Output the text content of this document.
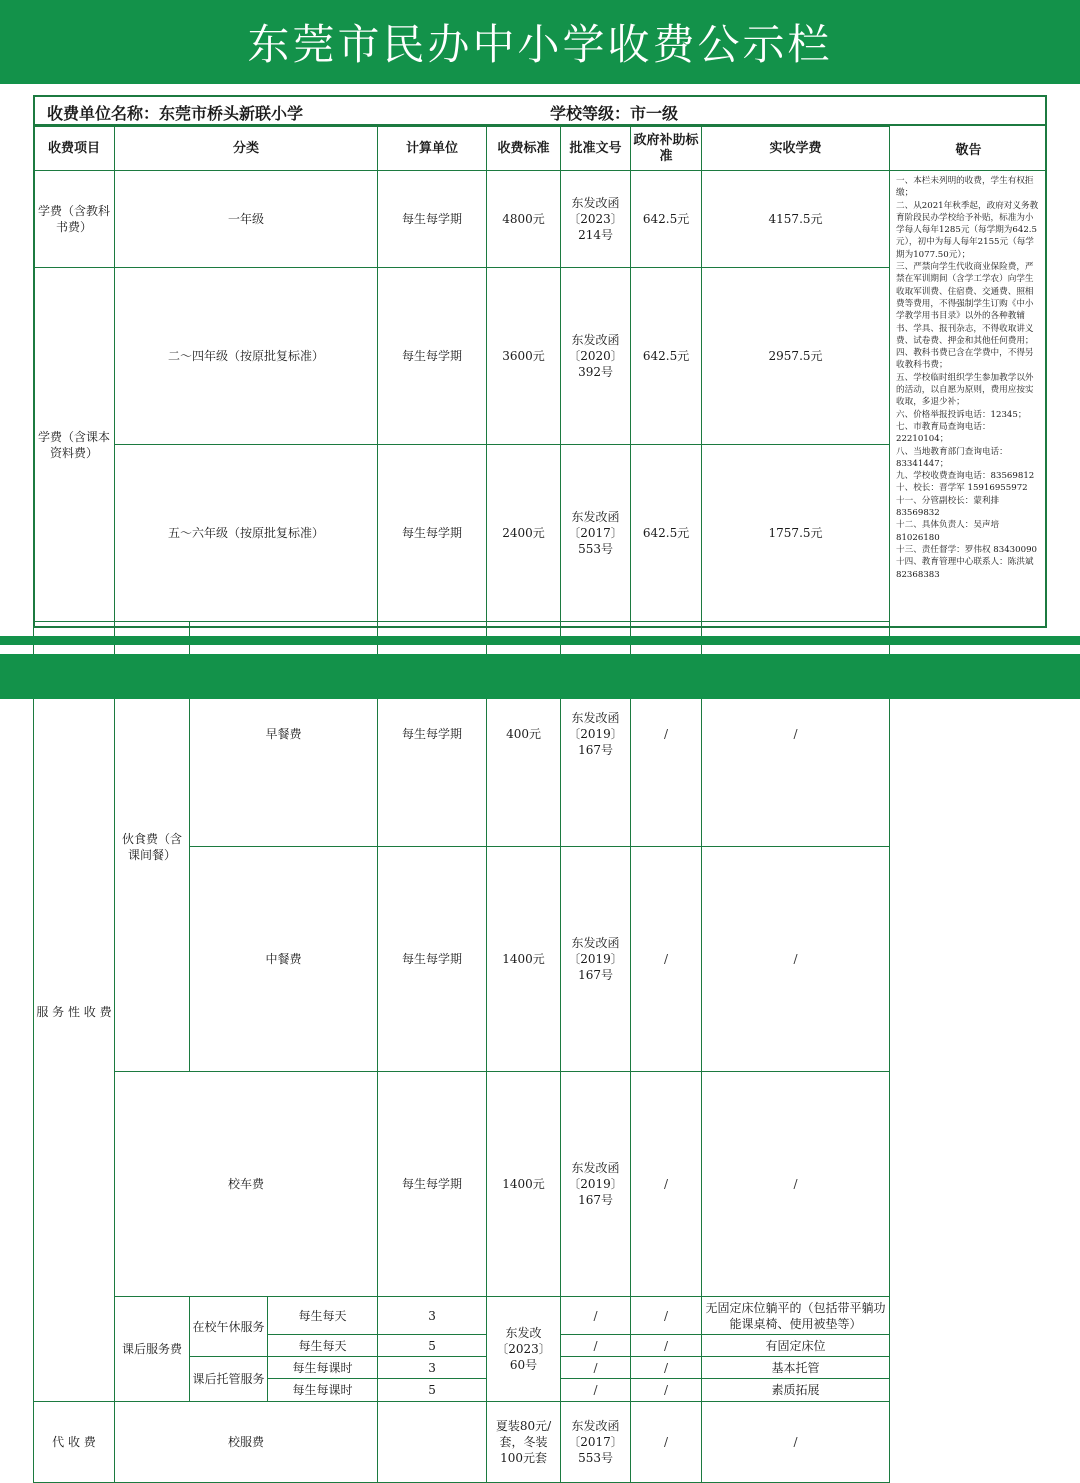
东莞市民办中小学收费公示栏
收费单位名称：东莞市桥头新联小学	学校等级：市一级
收费项目	分类			计算单位	收费标准	批准文号	政府补助标准	实收学费	
学费（含教科书费）	一年级			每生每学期	4800元	东发改函〔2023〕214号	642.5元	4157.5元	
学费（含课本资料费）	二～四年级（按原批复标准）			每生每学期	3600元	东发改函〔2020〕392号	642.5元	2957.5元	
	五～六年级（按原批复标准）			每生每学期	2400元	东发改函〔2017〕553号	642.5元	1757.5元	
服 务 性 收 费	伙食费（含课间餐）	早餐费		每生每学期	400元	东发改函〔2019〕167号	/	/	
		中餐费		每生每学期	1400元	东发改函〔2019〕167号	/	/	
	校车费			每生每学期	1400元	东发改函〔2019〕167号	/	/	
	课后服务费	在校午休服务	每生每天	3	东发改〔2023〕60号	/	/	无固定床位躺平的（包括带平躺功能课桌椅、使用被垫等）	
			每生每天	5		/	/	有固定床位	
		课后托管服务	每生每课时	3		/	/	基本托管	
			每生每课时	5		/	/	素质拓展	
代 收 费	校服费				夏装80元/套，冬装100元套	东发改函〔2017〕553号	/	/	
敬告
一、本栏未列明的收费，学生有权拒缴；
二、从2021年秋季起，政府对义务教育阶段民办学校给予补贴，标准为小学每人每年1285元（每学期为642.5元），初中为每人每年2155元（每学期为1077.50元）；
三、严禁向学生代收商业保险费，严禁在军训期间（含学工学农）向学生收取军训费、住宿费、交通费、照相费等费用，不得强制学生订购《中小学教学用书目录》以外的各种教辅书、学具、报刊杂志，不得收取讲义费、试卷费、押金和其他任何费用；
四、教科书费已含在学费中，不得另收教科书费；
五、学校临时组织学生参加教学以外的活动，以自愿为原则，费用应按实收取，多退少补；
六、价格举报投诉电话：12345；
七、市教育局查询电话：22210104；
八、当地教育部门查询电话：83341447；
九、学校收费查询电话：83569812
十、校长：晋学军 15916955972
十一、分管副校长：蒙利排 83569832
十二、具体负责人：吴声培 81026180
十三、责任督学：罗伟权 83430090
十四、教育管理中心联系人：陈洪斌 82368383
